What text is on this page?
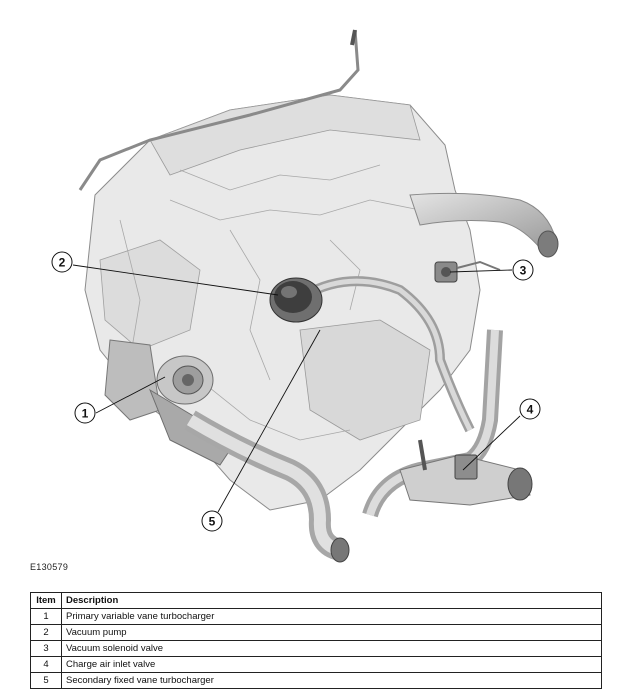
1
2
3
4
5
E130579
Item	Description
1	Primary variable vane turbocharger
2	Vacuum pump
3	Vacuum solenoid valve
4	Charge air inlet valve
5	Secondary fixed vane turbocharger
